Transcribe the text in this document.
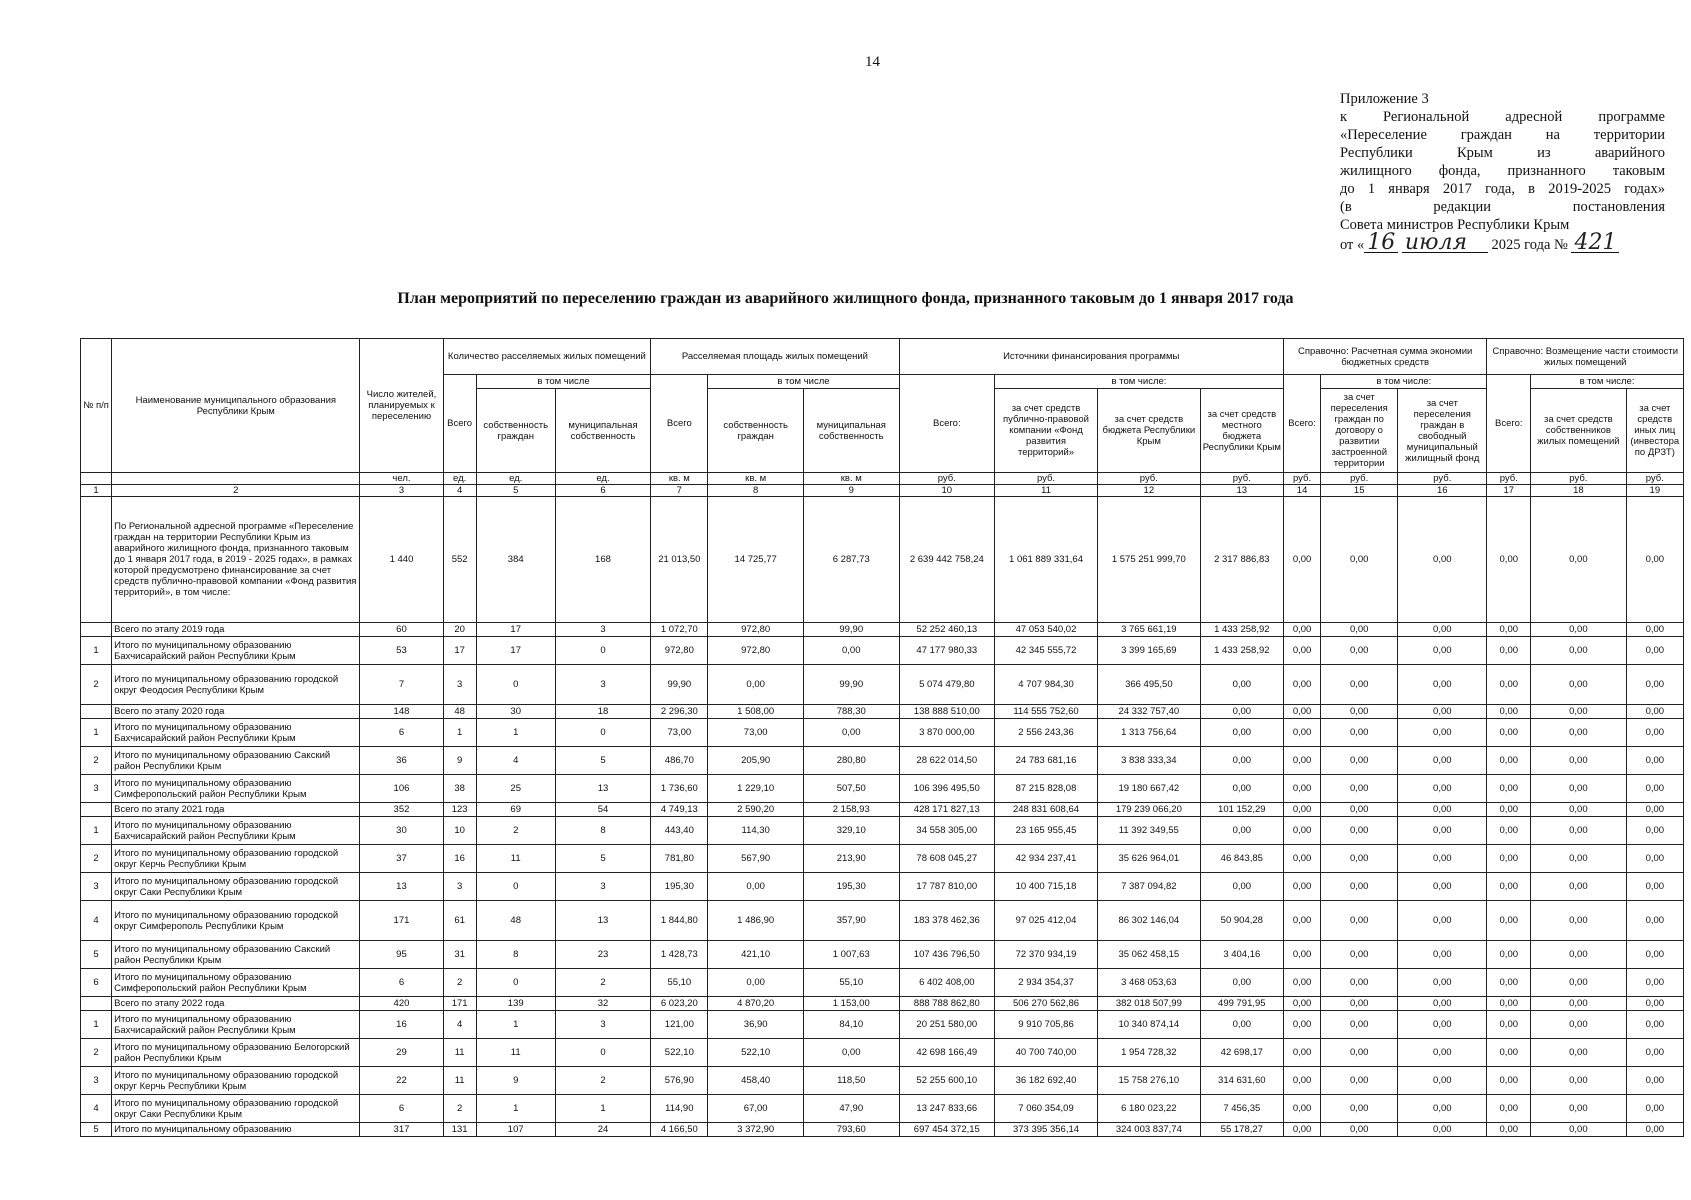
14
Приложение 3
к Региональной адресной программе
«Переселение граждан на территории
Республики Крым из аварийного
жилищного фонда, признанного таковым
до 1 января 2017 года, в 2019-2025 годах»
(в редакции постановления
Совета министров Республики Крым
от « 16 июля 2025 года № 421
План мероприятий по переселению граждан из аварийного жилищного фонда, признанного таковым до 1 января 2017 года
№ п/п	Наименование муниципального образования Республики Крым	Число жителей, планируемых к переселению	Количество расселяемых жилых помещений			Расселяемая площадь жилых помещений			Источники финансирования программы				Справочно: Расчетная сумма экономии бюджетных средств			Справочно: Возмещение части стоимости жилых помещений		
			Всего	в том числе		Всего	в том числе		Всего:	в том числе:			Всего:	в том числе:		Всего:	в том числе:	
				собственность граждан	муниципальная собственность		собственность граждан	муниципальная собственность		за счет средств публично-правовой компании «Фонд развития территорий»	за счет средств бюджета Республики Крым	за счет средств местного бюджета Республики Крым		за счет переселения граждан по договору о развитии застроенной территории	за счет переселения граждан в свободный муниципальный жилищный фонд		за счет средств собственников жилых помещений	за счет средств иных лиц (инвестора по ДРЗТ)
		чел.	ед.	ед.	ед.	кв. м	кв. м	кв. м	руб.	руб.	руб.	руб.	руб.	руб.	руб.	руб.	руб.	руб.
1	2	3	4	5	6	7	8	9	10	11	12	13	14	15	16	17	18	19
	По Региональной адресной программе «Переселение граждан на территории Республики Крым из аварийного жилищного фонда, признанного таковым до 1 января 2017 года, в 2019 - 2025 годах», в рамках которой предусмотрено финансирование за счет средств публично-правовой компании «Фонд развития территорий», в том числе:	1 440	552	384	168	21 013,50	14 725,77	6 287,73	2 639 442 758,24	1 061 889 331,64	1 575 251 999,70	2 317 886,83	0,00	0,00	0,00	0,00	0,00	0,00
	Всего по этапу 2019 года	60	20	17	3	1 072,70	972,80	99,90	52 252 460,13	47 053 540,02	3 765 661,19	1 433 258,92	0,00	0,00	0,00	0,00	0,00	0,00
1	Итого по муниципальному образованию Бахчисарайский район Республики Крым	53	17	17	0	972,80	972,80	0,00	47 177 980,33	42 345 555,72	3 399 165,69	1 433 258,92	0,00	0,00	0,00	0,00	0,00	0,00
2	Итого по муниципальному образованию городской округ Феодосия Республики Крым	7	3	0	3	99,90	0,00	99,90	5 074 479,80	4 707 984,30	366 495,50	0,00	0,00	0,00	0,00	0,00	0,00	0,00
	Всего по этапу 2020 года	148	48	30	18	2 296,30	1 508,00	788,30	138 888 510,00	114 555 752,60	24 332 757,40	0,00	0,00	0,00	0,00	0,00	0,00	0,00
1	Итого по муниципальному образованию Бахчисарайский район Республики Крым	6	1	1	0	73,00	73,00	0,00	3 870 000,00	2 556 243,36	1 313 756,64	0,00	0,00	0,00	0,00	0,00	0,00	0,00
2	Итого по муниципальному образованию Сакский район Республики Крым	36	9	4	5	486,70	205,90	280,80	28 622 014,50	24 783 681,16	3 838 333,34	0,00	0,00	0,00	0,00	0,00	0,00	0,00
3	Итого по муниципальному образованию Симферопольский район Республики Крым	106	38	25	13	1 736,60	1 229,10	507,50	106 396 495,50	87 215 828,08	19 180 667,42	0,00	0,00	0,00	0,00	0,00	0,00	0,00
	Всего по этапу 2021 года	352	123	69	54	4 749,13	2 590,20	2 158,93	428 171 827,13	248 831 608,64	179 239 066,20	101 152,29	0,00	0,00	0,00	0,00	0,00	0,00
1	Итого по муниципальному образованию Бахчисарайский район Республики Крым	30	10	2	8	443,40	114,30	329,10	34 558 305,00	23 165 955,45	11 392 349,55	0,00	0,00	0,00	0,00	0,00	0,00	0,00
2	Итого по муниципальному образованию городской округ Керчь Республики Крым	37	16	11	5	781,80	567,90	213,90	78 608 045,27	42 934 237,41	35 626 964,01	46 843,85	0,00	0,00	0,00	0,00	0,00	0,00
3	Итого по муниципальному образованию городской округ Саки Республики Крым	13	3	0	3	195,30	0,00	195,30	17 787 810,00	10 400 715,18	7 387 094,82	0,00	0,00	0,00	0,00	0,00	0,00	0,00
4	Итого по муниципальному образованию городской округ Симферополь Республики Крым	171	61	48	13	1 844,80	1 486,90	357,90	183 378 462,36	97 025 412,04	86 302 146,04	50 904,28	0,00	0,00	0,00	0,00	0,00	0,00
5	Итого по муниципальному образованию Сакский район Республики Крым	95	31	8	23	1 428,73	421,10	1 007,63	107 436 796,50	72 370 934,19	35 062 458,15	3 404,16	0,00	0,00	0,00	0,00	0,00	0,00
6	Итого по муниципальному образованию Симферопольский район Республики Крым	6	2	0	2	55,10	0,00	55,10	6 402 408,00	2 934 354,37	3 468 053,63	0,00	0,00	0,00	0,00	0,00	0,00	0,00
	Всего по этапу 2022 года	420	171	139	32	6 023,20	4 870,20	1 153,00	888 788 862,80	506 270 562,86	382 018 507,99	499 791,95	0,00	0,00	0,00	0,00	0,00	0,00
1	Итого по муниципальному образованию Бахчисарайский район Республики Крым	16	4	1	3	121,00	36,90	84,10	20 251 580,00	9 910 705,86	10 340 874,14	0,00	0,00	0,00	0,00	0,00	0,00	0,00
2	Итого по муниципальному образованию Белогорский район Республики Крым	29	11	11	0	522,10	522,10	0,00	42 698 166,49	40 700 740,00	1 954 728,32	42 698,17	0,00	0,00	0,00	0,00	0,00	0,00
3	Итого по муниципальному образованию городской округ Керчь Республики Крым	22	11	9	2	576,90	458,40	118,50	52 255 600,10	36 182 692,40	15 758 276,10	314 631,60	0,00	0,00	0,00	0,00	0,00	0,00
4	Итого по муниципальному образованию городской округ Саки Республики Крым	6	2	1	1	114,90	67,00	47,90	13 247 833,66	7 060 354,09	6 180 023,22	7 456,35	0,00	0,00	0,00	0,00	0,00	0,00
5	Итого по муниципальному образованию	317	131	107	24	4 166,50	3 372,90	793,60	697 454 372,15	373 395 356,14	324 003 837,74	55 178,27	0,00	0,00	0,00	0,00	0,00	0,00
